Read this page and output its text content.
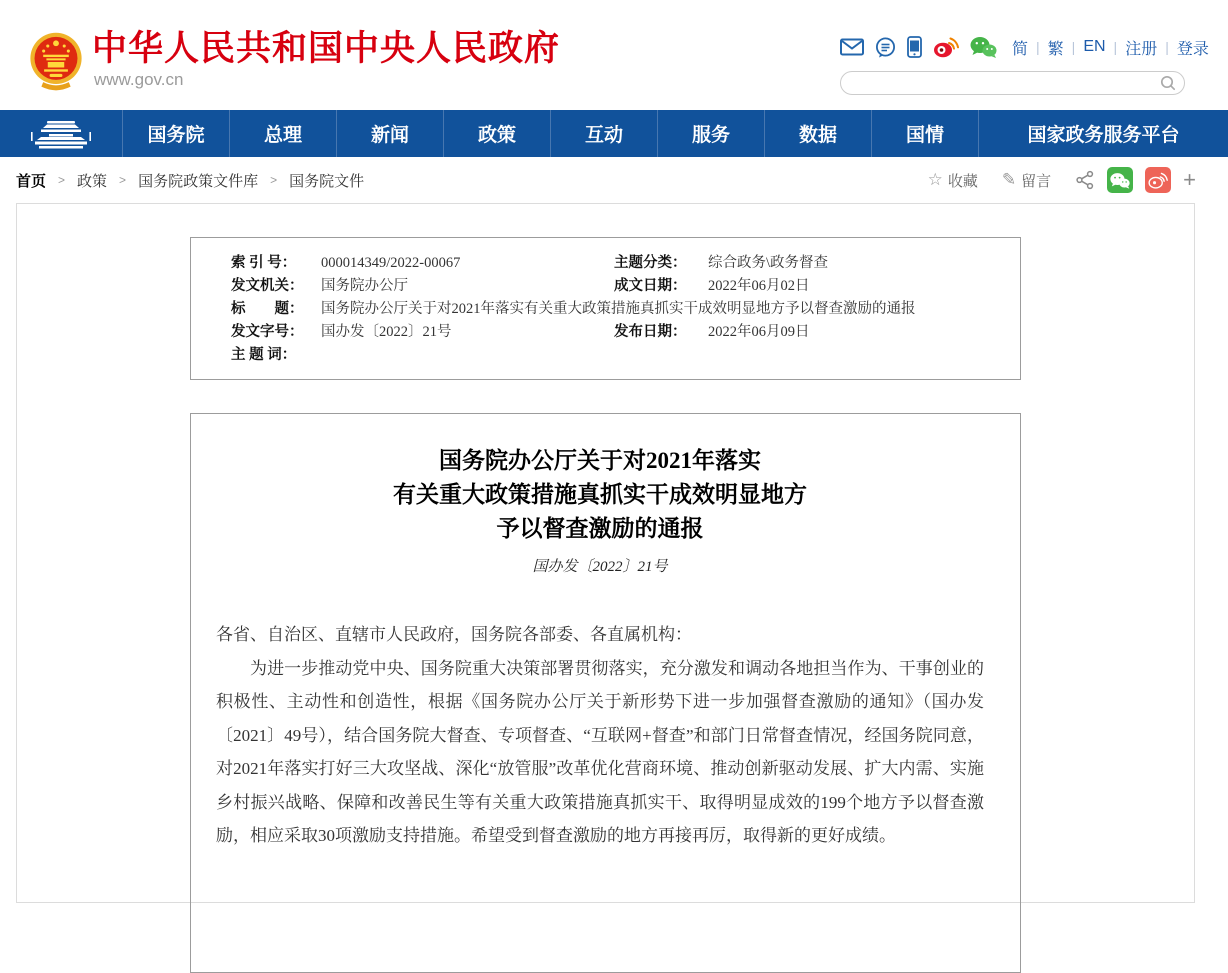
中华人民共和国中央人民政府
www.gov.cn
简 | 繁 | EN | 注册 | 登录
国务院	总理	新闻	政策	互动	服务	数据	国情	国家政务服务平台
首页 > 政策 > 国务院政策文件库 > 国务院文件	☆ 收藏 ✎ 留言	+
索 引 号：	000014349/2022-00067	主题分类：	综合政务\政务督查
发文机关：	国务院办公厅	成文日期：	2022年06月02日
标　　题：	国务院办公厅关于对2021年落实有关重大政策措施真抓实干成效明显地方予以督查激励的通报
发文字号：	国办发〔2022〕21号	发布日期：	2022年06月09日
主 题 词：
国务院办公厅关于对2021年落实
有关重大政策措施真抓实干成效明显地方
予以督查激励的通报
国办发〔2022〕21号

各省、自治区、直辖市人民政府，国务院各部委、各直属机构：

为进一步推动党中央、国务院重大决策部署贯彻落实，充分激发和调动各地担当作为、干事创业的积极性、主动性和创造性，根据《国务院办公厅关于新形势下进一步加强督查激励的通知》（国办发〔2021〕49号），结合国务院大督查、专项督查、“互联网+督查”和部门日常督查情况，经国务院同意，对2021年落实打好三大攻坚战、深化“放管服”改革优化营商环境、推动创新驱动发展、扩大内需、实施乡村振兴战略、保障和改善民生等有关重大政策措施真抓实干、取得明显成效的199个地方予以督查激励，相应采取30项激励支持措施。希望受到督查激励的地方再接再厉，取得新的更好成绩。
